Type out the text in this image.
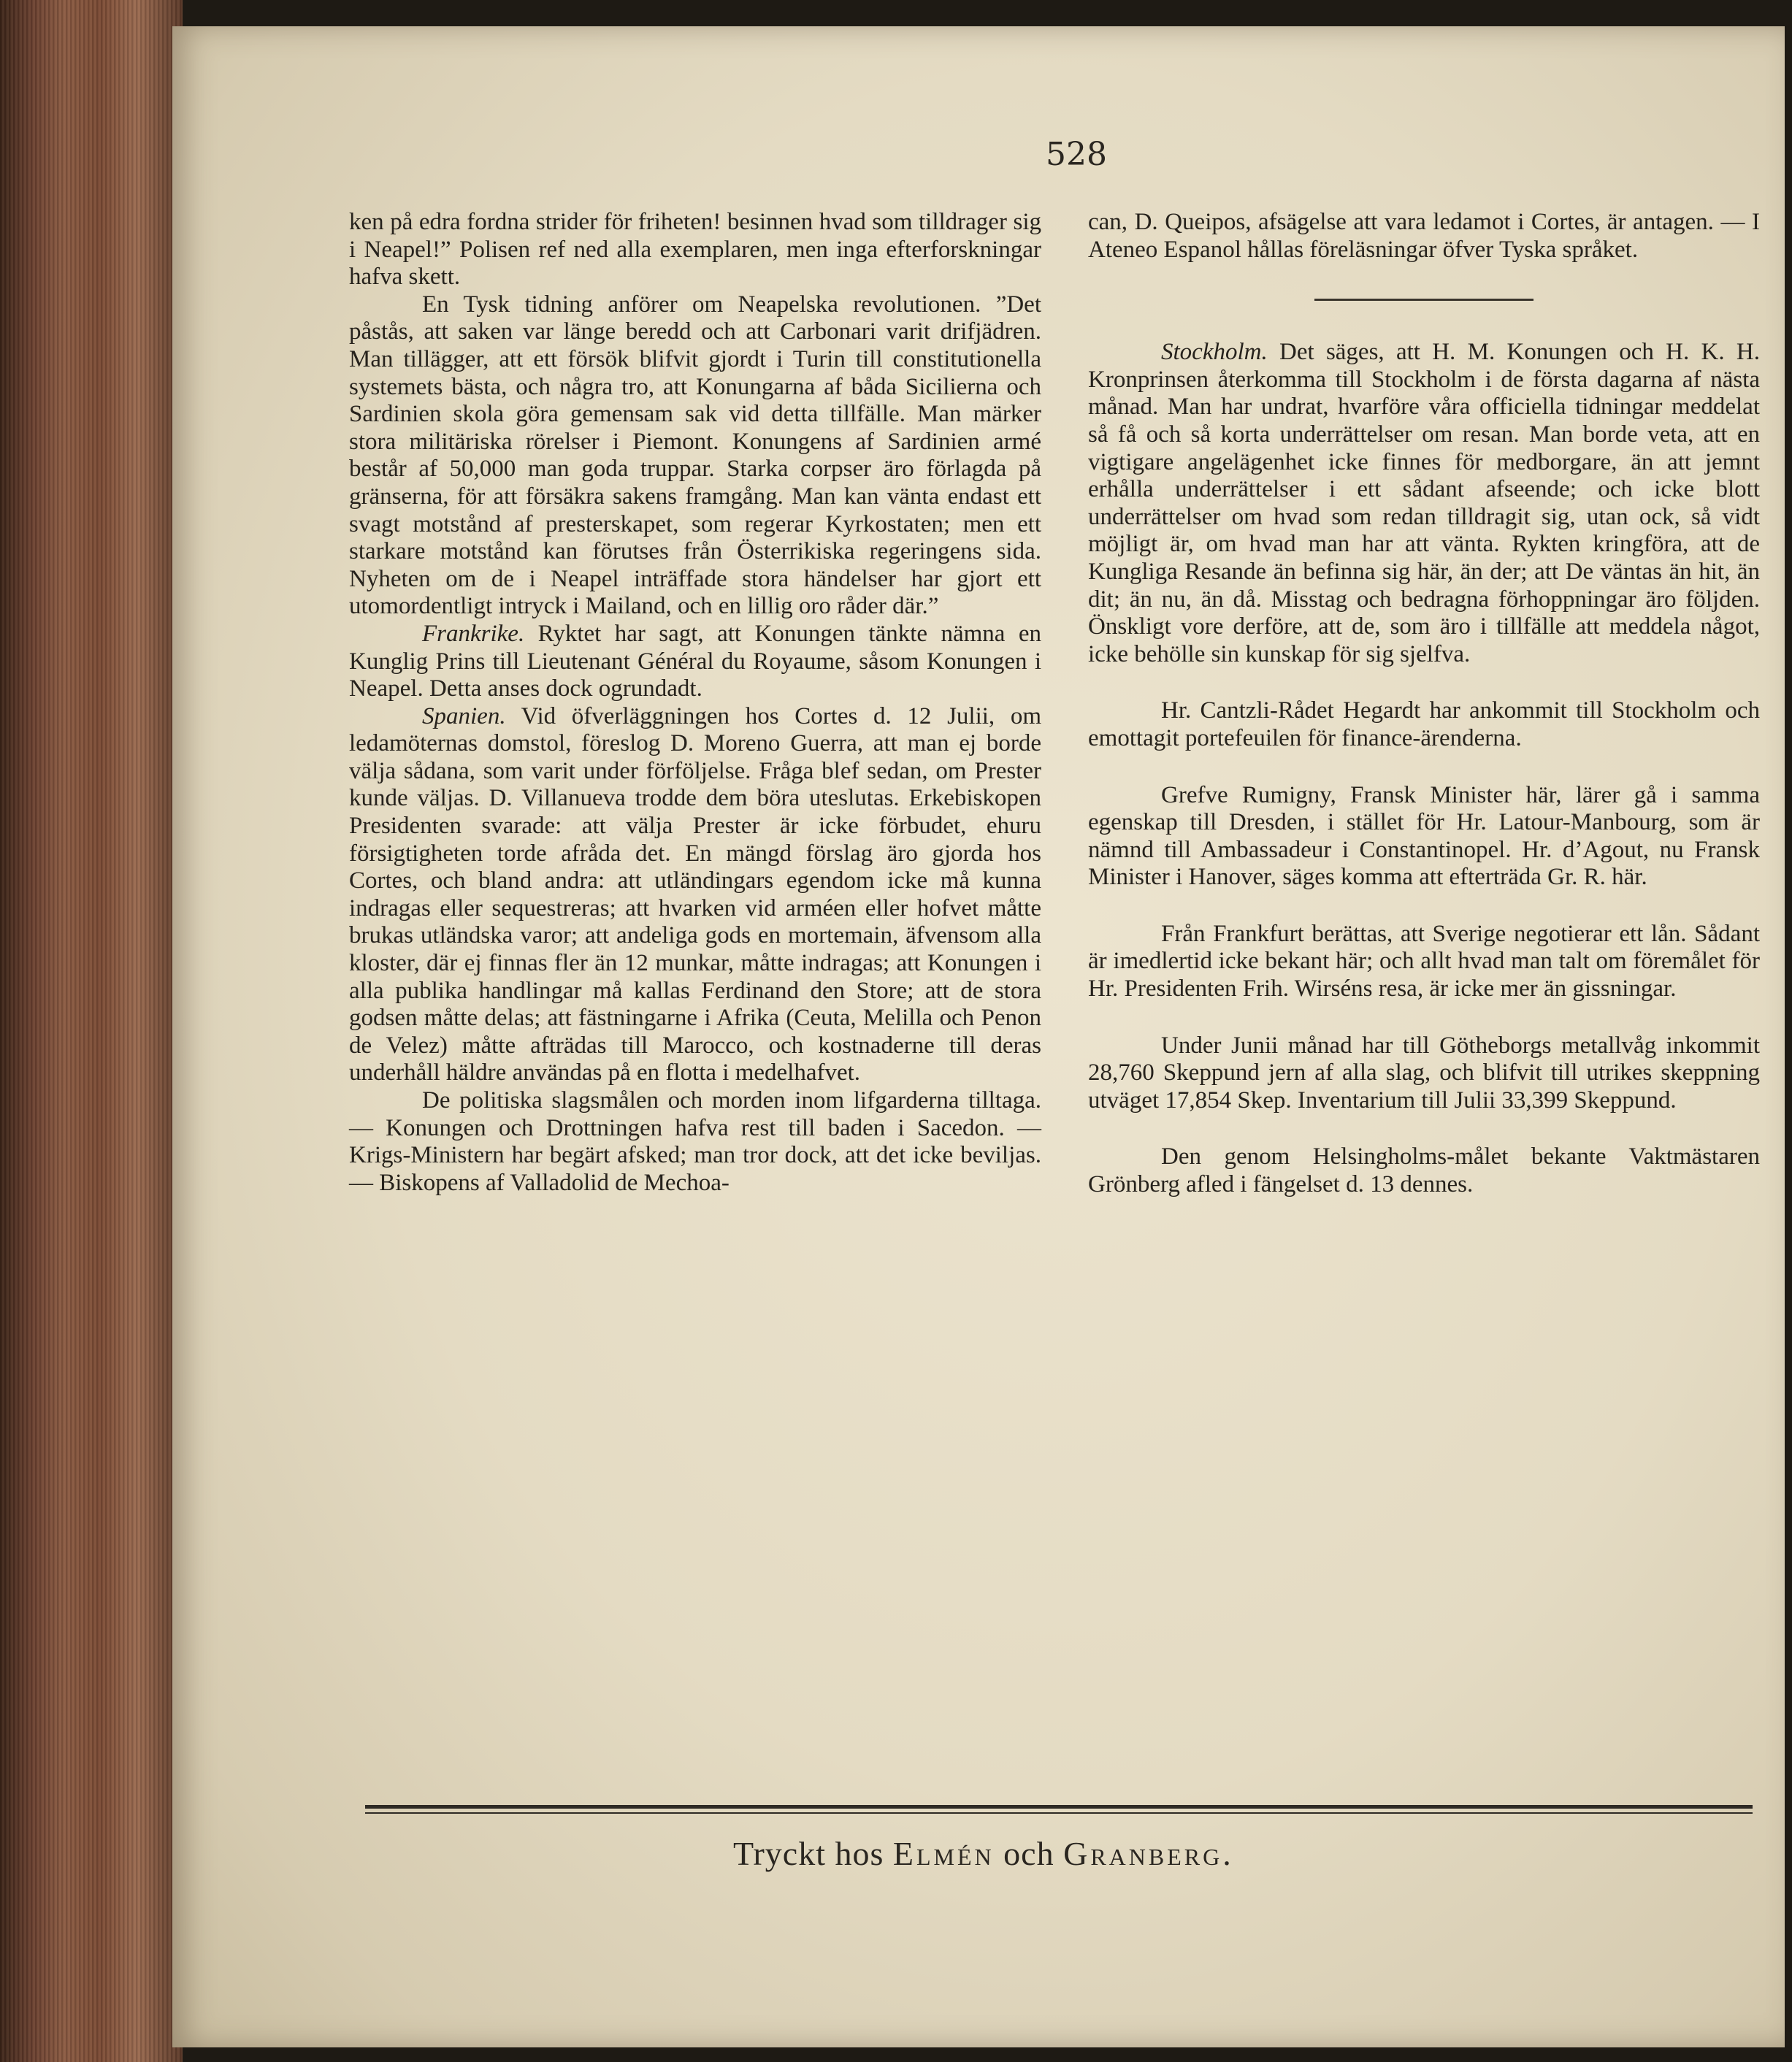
528

ken på edra fordna strider för friheten! besinnen hvad som tilldrager sig i Neapel!” Polisen ref ned alla exemplaren, men inga efterforskningar hafva skett.

En Tysk tidning anförer om Neapelska revolutionen. ”Det påstås, att saken var länge beredd och att Carbonari varit drifjädren. Man tillägger, att ett försök blifvit gjordt i Turin till constitutionella systemets bästa, och några tro, att Konungarna af båda Sicilierna och Sardinien skola göra gemensam sak vid detta tillfälle. Man märker stora militäriska rörelser i Piemont. Konungens af Sardinien armé består af 50,000 man goda truppar. Starka corpser äro förlagda på gränserna, för att försäkra sakens framgång. Man kan vänta endast ett svagt motstånd af presterskapet, som regerar Kyrkostaten; men ett starkare motstånd kan förutses från Österrikiska regeringens sida. Nyheten om de i Neapel inträffade stora händelser har gjort ett utomordentligt intryck i Mailand, och en lillig oro råder där.”

Frankrike. Ryktet har sagt, att Konungen tänkte nämna en Kunglig Prins till Lieutenant Général du Royaume, såsom Konungen i Neapel. Detta anses dock ogrundadt.

Spanien. Vid öfverläggningen hos Cortes d. 12 Julii, om ledamöternas domstol, föreslog D. Moreno Guerra, att man ej borde välja sådana, som varit under förföljelse. Fråga blef sedan, om Prester kunde väljas. D. Villanueva trodde dem böra uteslutas. Erkebiskopen Presidenten svarade: att välja Prester är icke förbudet, ehuru försigtigheten torde afråda det. En mängd förslag äro gjorda hos Cortes, och bland andra: att utländingars egendom icke må kunna indragas eller sequestreras; att hvarken vid arméen eller hofvet måtte brukas utländska varor; att andeliga gods en mortemain, äfvensom alla kloster, där ej finnas fler än 12 munkar, måtte indragas; att Konungen i alla publika handlingar må kallas Ferdinand den Store; att de stora godsen måtte delas; att fästningarne i Afrika (Ceuta, Melilla och Penon de Velez) måtte afträdas till Marocco, och kostnaderne till deras underhåll häldre användas på en flotta i medelhafvet.

De politiska slagsmålen och morden inom lifgarderna tilltaga. — Konungen och Drottningen hafva rest till baden i Sacedon. — Krigs-Ministern har begärt afsked; man tror dock, att det icke beviljas. — Biskopens af Valladolid de Mechoa-

can, D. Queipos, afsägelse att vara ledamot i Cortes, är antagen. — I Ateneo Espanol hållas föreläsningar öfver Tyska språket.

Stockholm. Det säges, att H. M. Konungen och H. K. H. Kronprinsen återkomma till Stockholm i de första dagarna af nästa månad. Man har undrat, hvarföre våra officiella tidningar meddelat så få och så korta underrättelser om resan. Man borde veta, att en vigtigare angelägenhet icke finnes för medborgare, än att jemnt erhålla underrättelser i ett sådant afseende; och icke blott underrättelser om hvad som redan tilldragit sig, utan ock, så vidt möjligt är, om hvad man har att vänta. Rykten kringföra, att de Kungliga Resande än befinna sig här, än der; att De väntas än hit, än dit; än nu, än då. Misstag och bedragna förhoppningar äro följden. Önskligt vore derföre, att de, som äro i tillfälle att meddela något, icke behölle sin kunskap för sig sjelfva.

Hr. Cantzli-Rådet Hegardt har ankommit till Stockholm och emottagit portefeuilen för finance-ärenderna.

Grefve Rumigny, Fransk Minister här, lärer gå i samma egenskap till Dresden, i stället för Hr. Latour-Manbourg, som är nämnd till Ambassadeur i Constantinopel. Hr. d’Agout, nu Fransk Minister i Hanover, säges komma att efterträda Gr. R. här.

Från Frankfurt berättas, att Sverige negotierar ett lån. Sådant är imedlertid icke bekant här; och allt hvad man talt om föremålet för Hr. Presidenten Frih. Wirséns resa, är icke mer än gissningar.

Under Junii månad har till Götheborgs metallvåg inkommit 28,760 Skeppund jern af alla slag, och blifvit till utrikes skeppning utväget 17,854 Skep. Inventarium till Julii 33,399 Skeppund.

Den genom Helsingholms-målet bekante Vaktmästaren Grönberg afled i fängelset d. 13 dennes.

Tryckt hos Elmén och Granberg.
